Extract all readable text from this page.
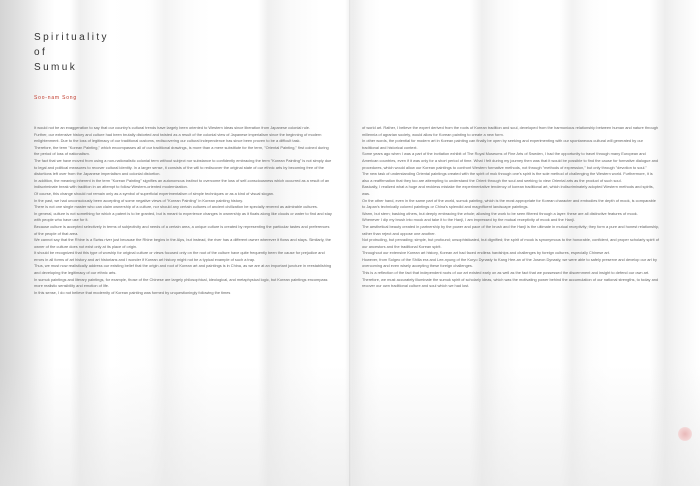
Spirituality
of
Sumuk
Soo-nam Song

It would not be an exaggeration to say that our country's cultural trends have largely been oriented to Western ideas since liberation from Japanese colonial rule.

Further, our extensive history and culture had been brutally distorted and twisted as a result of the colonial view of Japanese imperialism since the beginning of modern enlightenment. Due to the loss of legitimacy of our traditional customs, rediscovering our cultural independence has since been proven to be a difficult task.

Therefore, the term "Korean Painting," which encompasses all of our traditional drawings, is more than a mere substitute for the term, "Oriental Painting," first coined during the period of loss of nationalism.

The fact that we have moved from using a non-nationalistic colonial term without subject nor substance to confidently embracing the term "Korean Painting" is not simply due to legal and political measures to recover cultural identity. In a larger sense, it consists of the will to rediscover the original state of our ethnic arts by becoming free of the distortions left over from the Japanese imperialism and colonial distortion.

In addition, the meaning inherent in the term "Korean Painting" signifies an autonomous instinct to overcome the loss of self-consciousness which occurred as a result of an indiscriminate break with tradition in an attempt to follow Western-oriented modernization.

Of course, this change should not remain only as a symbol of superficial experimentalism of simple techniques or as a kind of visual slogan.

In the past, we had unconsciously been accepting of some negative views of "Korean Painting" in Korean painting history.

There is not one single master who can claim ownership of a culture, nor should any certain cultures of ancient civilization be specially revered as admirable cultures.

In general, culture is not something for which a patent is to be granted, but is meant to experience changes in ownership as it floats along like clouds or water to find and stay with people who have use for it.

Because culture is accepted selectively in terms of subjectivity and needs of a certain area, a unique culture is created by representing the particular tastes and preferences of the people of that area.

We cannot say that the Rhine is a Swiss river just because the Rhine begins in the Alps, but instead, the river has a different owner wherever it flows and stays. Similarly, the owner of the culture does not exist only at its place of origin.

It should be recognized that this type of worship for original culture or views focused only on the root of the culture have quite frequently been the cause for prejudice and errors in all forms of art history and art historians and I wonder if Korean art history might not be a typical example of such a trap.

Thus, we must now realistically address our existing belief that the origin and root of Korean art and paintings is in China, as we are at an important juncture in reestablishing and developing the legitimacy of our ethnic arts.

In sumuk paintings and literary paintings, for example, those of the Chinese are largely philosophical, ideological, and metaphysical logic, but Korean paintings encompass more realistic sensibility and emotion of life.

In this sense, I do not believe that modernity of Korean painting was formed by unquestioningly following the times

of world art. Rather, I believe the expert derived from the roots of Korean tradition and soul, developed from the harmonious relationship between human and nature through millennia of agrarian society, would allow for Korean painting to create a new form.

In other words, the potential for modern art in Korean painting can finally be open by seeking and experimenting with our spontaneous cultural will generated by our traditional and historical context.

Some years ago when I was a part of the invitation exhibit of The Royal Museums of Fine Arts of Sweden, I had the opportunity to travel through many European and American countries, even if it was only for a short period of time. What I felt during my journey then was that it would be possible to find the cause for formative dialogue and procedures, which would allow our Korean paintings to confront Western formative methods, not through "methods of expression," but only through "devotion to soul."

The new task of understanding Oriental paintings created with the spirit of mok through one's spirit is the sole method of challenging the Western world. Furthermore, it is also a reaffirmation that they too are attempting to understand the Orient through the soul and seeking to view Oriental arts as the product of such soul.

Basically, I realized what a huge and reckless mistake the experimentative tendency of korean traditional art, which indiscriminately adopted Western methods and spirits, was.

On the other hand, even in the same part of the world, sumuk painting, which is the most appropriate for Korean character and embodies the depth of mook, is comparable to Japan's technically colored paintings or China's splendid and magnificent landscape paintings.

Warm, but stern; basking others, but deeply embracing the whole; allowing the work to be seen filtered through a layer: these are all distinctive features of mook.

Whenever I dip my brush into mook and take it to the Hanji, I am impressed by the mutual receptivity of mook and the Hanji.

The aesthetical beauty created in partnership by the power and pace of the brush and the Hanji is the ultimate in mutual receptivity; they form a pure and honest relationship, rather than reject and oppose one another.

Not protruding, but pervading; simple, but profound; unsophisticated, but dignified; the spirit of mook is synonymous to the honorable, confident, and proper scholarly spirit of our ancestors and the traditional Korean spirit.

Throughout our extensive Korean art history, Korean art had faced endless hardships and challenges by foreign cultures, especially Chinese art.

However, from Solgeo of the Shilla era and Lee-nyung of the Koryo Dynasty to Kang Hee-an of the Joseon Dynasty, we were able to safely preserve and develop our art by overcoming and even wisely accepting these foreign challenges.

This is a reflection of the fact that independent roots of our art existed early on as well as the fact that we possessed the discernment and insight to defend our own art.

Therefore, we must accurately illuminate the sumuk spirit of scholarly ideas, which was the motivating power behind the accumulation of our national strengths, to today and recover our own traditional culture and soul which we had lost.
